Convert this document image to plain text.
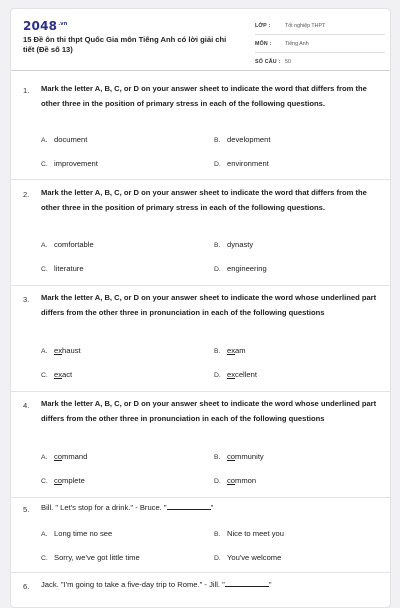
$2048^{.vn}$
15 Đề ôn thi thpt Quốc Gia môn Tiếng Anh có lời giải chi tiết (Đề số 13)
LỚP :	Tốt nghiệp THPT
MÔN :	Tiếng Anh
SỐ CÂU : 50
1. Mark the letter A, B, C, or D on your answer sheet to indicate the word that differs from the other three in the position of primary stress in each of the following questions.
A. document	B. development
C. improvement	D. environment
2. Mark the letter A, B, C, or D on your answer sheet to indicate the word that differs from the other three in the position of primary stress in each of the following questions.
A. comfortable	B. dynasty
C. literature	D. engineering
3. Mark the letter A, B, C, or D on your answer sheet to indicate the word whose underlined part differs from the other three in pronunciation in each of the following questions
A. exhaust	B. exam
C. exact	D. excellent
4. Mark the letter A, B, C, or D on your answer sheet to indicate the word whose underlined part differs from the other three in pronunciation in each of the following questions
A. command	B. community
C. complete	D. common
5. Bill. " Let's stop for a drink." - Bruce. "	"
A. Long time no see	B. Nice to meet you
C. Sorry, we've got little time	D. You've welcome
6. Jack. "I'm going to take a five-day trip to Rome." - Jill. "	"
